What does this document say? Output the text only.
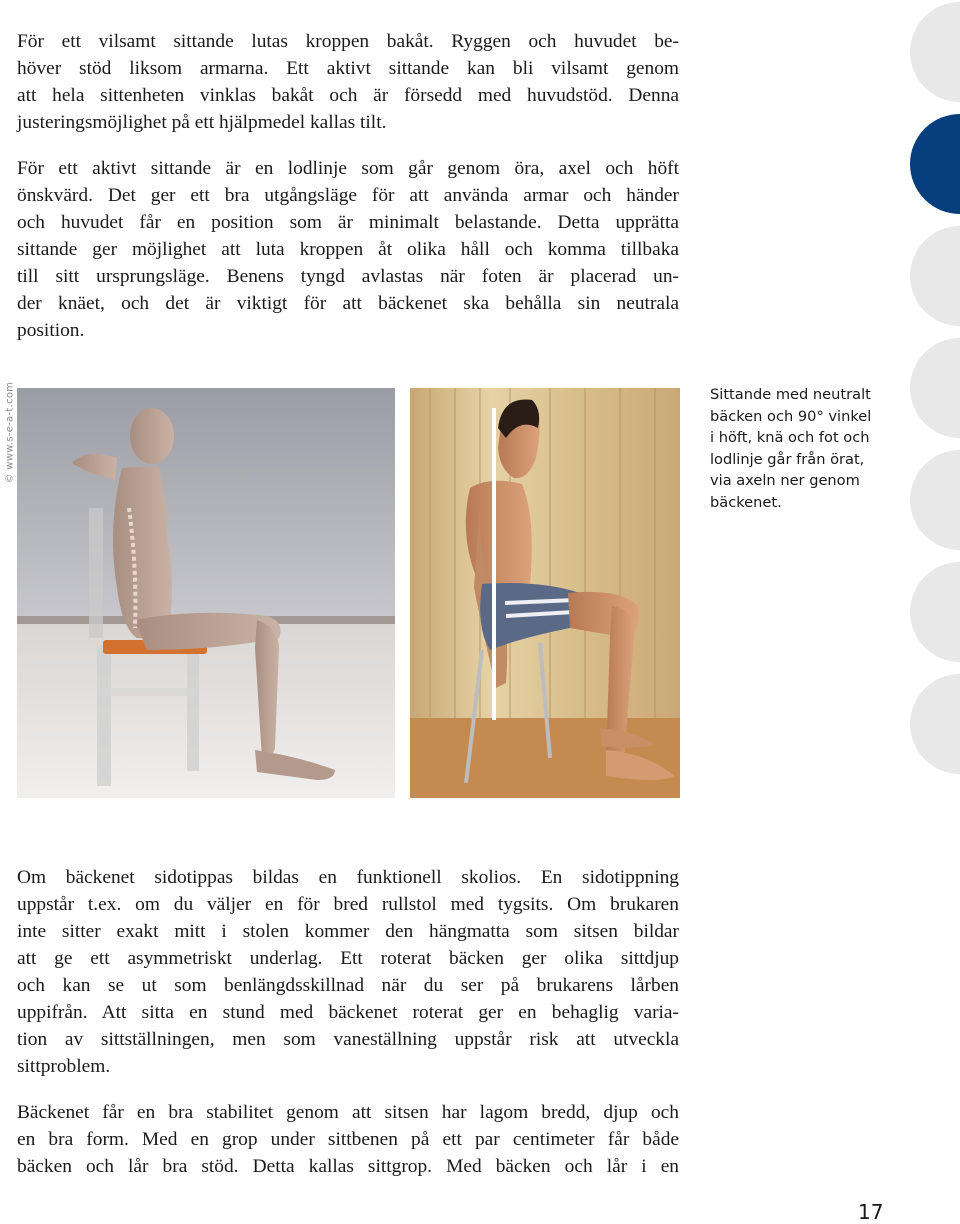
För ett vilsamt sittande lutas kroppen bakåt. Ryggen och huvudet be-
höver stöd liksom armarna. Ett aktivt sittande kan bli vilsamt genom
att hela sittenheten vinklas bakåt och är försedd med huvudstöd. Denna
justeringsmöjlighet på ett hjälpmedel kallas tilt.
För ett aktivt sittande är en lodlinje som går genom öra, axel och höft
önskvärd. Det ger ett bra utgångsläge för att använda armar och händer
och huvudet får en position som är minimalt belastande. Detta upprätta
sittande ger möjlighet att luta kroppen åt olika håll och komma tillbaka
till sitt ursprungsläge. Benens tyngd avlastas när foten är placerad un-
der knäet, och det är viktigt för att bäckenet ska behålla sin neutrala
position.
© www.s-e-a-t.com	Sittande med neutralt
bäcken och 90° vinkel
i höft, knä och fot och
lodlinje går från örat,
via axeln ner genom
bäckenet.
Om bäckenet sidotippas bildas en funktionell skolios. En sidotippning
uppstår t.ex. om du väljer en för bred rullstol med tygsits. Om brukaren
inte sitter exakt mitt i stolen kommer den hängmatta som sitsen bildar
att ge ett asymmetriskt underlag. Ett roterat bäcken ger olika sittdjup
och kan se ut som benlängdsskillnad när du ser på brukarens lårben
uppifrån. Att sitta en stund med bäckenet roterat ger en behaglig varia-
tion av sittställningen, men som vaneställning uppstår risk att utveckla
sittproblem.
Bäckenet får en bra stabilitet genom att sitsen har lagom bredd, djup och
en bra form. Med en grop under sittbenen på ett par centimeter får både
bäcken och lår bra stöd. Detta kallas sittgrop. Med bäcken och lår i en
17
